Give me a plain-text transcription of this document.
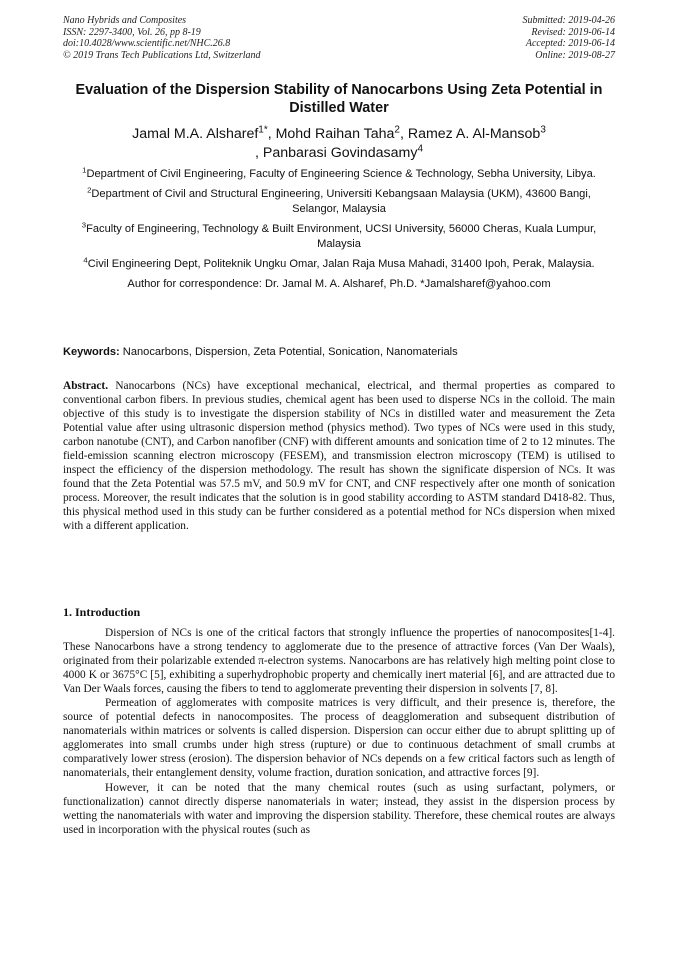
Nano Hybrids and Composites
ISSN: 2297-3400, Vol. 26, pp 8-19
doi:10.4028/www.scientific.net/NHC.26.8
© 2019 Trans Tech Publications Ltd, Switzerland
Submitted: 2019-04-26
Revised: 2019-06-14
Accepted: 2019-06-14
Online: 2019-08-27
Evaluation of the Dispersion Stability of Nanocarbons Using Zeta Potential in Distilled Water
Jamal M.A. Alsharef$^{1*}$, Mohd Raihan Taha$^2$, Ramez A. Al-Mansob$^3$
, Panbarasi Govindasamy$^4$
$^1$Department of Civil Engineering, Faculty of Engineering Science & Technology, Sebha University, Libya.
$^2$Department of Civil and Structural Engineering, Universiti Kebangsaan Malaysia (UKM), 43600 Bangi, Selangor, Malaysia
$^3$Faculty of Engineering, Technology & Built Environment, UCSI University, 56000 Cheras, Kuala Lumpur, Malaysia
$^4$Civil Engineering Dept, Politeknik Ungku Omar, Jalan Raja Musa Mahadi, 31400 Ipoh, Perak, Malaysia.
Author for correspondence: Dr. Jamal M. A. Alsharef, Ph.D. *Jamalsharef@yahoo.com
Keywords: Nanocarbons, Dispersion, Zeta Potential, Sonication, Nanomaterials
Abstract. Nanocarbons (NCs) have exceptional mechanical, electrical, and thermal properties as compared to conventional carbon fibers. In previous studies, chemical agent has been used to disperse NCs in the colloid. The main objective of this study is to investigate the dispersion stability of NCs in distilled water and measurement the Zeta Potential value after using ultrasonic dispersion method (physics method). Two types of NCs were used in this study, carbon nanotube (CNT), and Carbon nanofiber (CNF) with different amounts and sonication time of 2 to 12 minutes. The field-emission scanning electron microscopy (FESEM), and transmission electron microscopy (TEM) is utilised to inspect the efficiency of the dispersion methodology. The result has shown the significate dispersion of NCs. It was found that the Zeta Potential was 57.5 mV, and 50.9 mV for CNT, and CNF respectively after one month of sonication process. Moreover, the result indicates that the solution is in good stability according to ASTM standard D418-82. Thus, this physical method used in this study can be further considered as a potential method for NCs dispersion when mixed with a different application.
1. Introduction

Dispersion of NCs is one of the critical factors that strongly influence the properties of nanocomposites[1-4]. These Nanocarbons have a strong tendency to agglomerate due to the presence of attractive forces (Van Der Waals), originated from their polarizable extended π-electron systems. Nanocarbons are has relatively high melting point close to 4000 K or 3675°C [5], exhibiting a superhydrophobic property and chemically inert material [6], and are attracted due to Van Der Waals forces, causing the fibers to tend to agglomerate preventing their dispersion in solvents [7, 8].

Permeation of agglomerates with composite matrices is very difficult, and their presence is, therefore, the source of potential defects in nanocomposites. The process of deagglomeration and subsequent distribution of nanomaterials within matrices or solvents is called dispersion. Dispersion can occur either due to abrupt splitting up of agglomerates into small crumbs under high stress (rupture) or due to continuous detachment of small crumbs at comparatively lower stress (erosion). The dispersion behavior of NCs depends on a few critical factors such as length of nanomaterials, their entanglement density, volume fraction, duration sonication, and attractive forces [9].

However, it can be noted that the many chemical routes (such as using surfactant, polymers, or functionalization) cannot directly disperse nanomaterials in water; instead, they assist in the dispersion process by wetting the nanomaterials with water and improving the dispersion stability. Therefore, these chemical routes are always used in incorporation with the physical routes (such as
